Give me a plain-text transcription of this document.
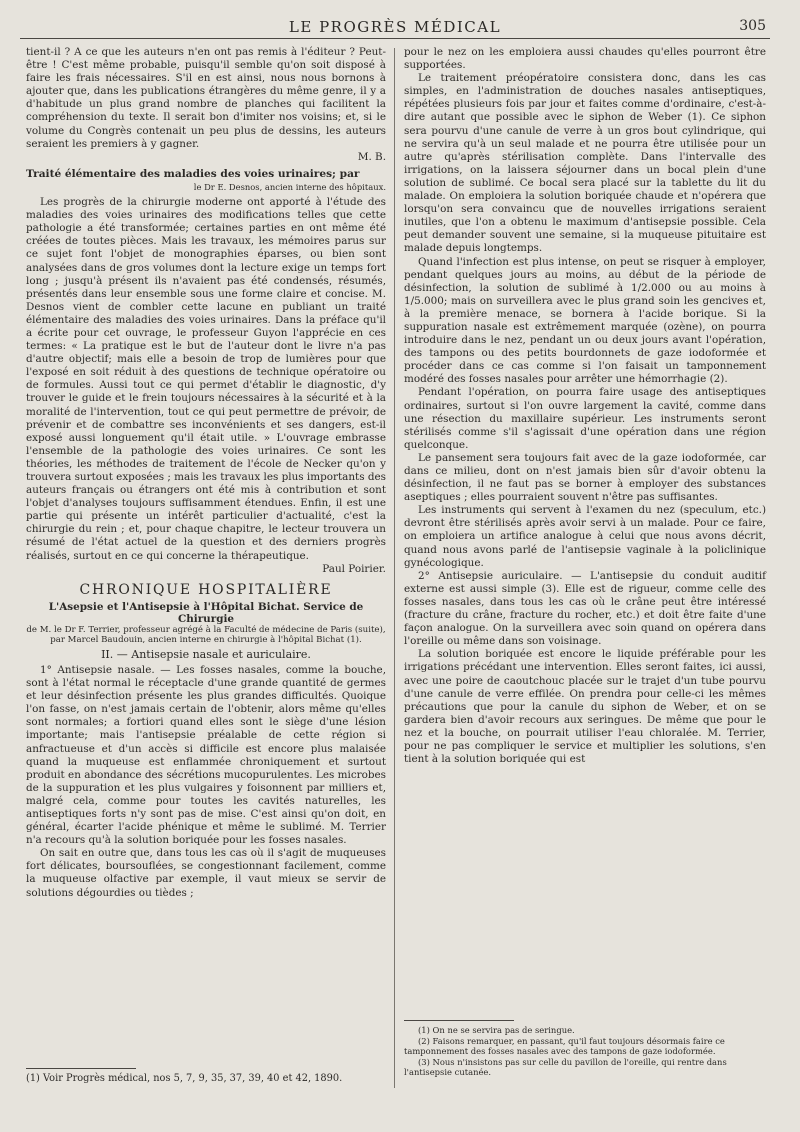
LE PROGRÈS MÉDICAL	305

tient-il ? A ce que les auteurs n'en ont pas remis à l'éditeur ? Peut-être ! C'est même probable, puisqu'il semble qu'on soit disposé à faire les frais nécessaires. S'il en est ainsi, nous nous bornons à ajouter que, dans les publications étrangères du même genre, il y a d'habitude un plus grand nombre de planches qui facilitent la compréhension du texte. Il serait bon d'imiter nos voisins; et, si le volume du Congrès contenait un peu plus de dessins, les auteurs seraient les premiers à y gagner.

M. B.

Traité élémentaire des maladies des voies urinaires; par

le Dr E. Desnos, ancien interne des hôpitaux.

Les progrès de la chirurgie moderne ont apporté à l'étude des maladies des voies urinaires des modifications telles que cette pathologie a été transformée; certaines parties en ont même été créées de toutes pièces. Mais les travaux, les mémoires parus sur ce sujet font l'objet de monographies éparses, ou bien sont analysées dans de gros volumes dont la lecture exige un temps fort long ; jusqu'à présent ils n'avaient pas été condensés, résumés, présentés dans leur ensemble sous une forme claire et concise. M. Desnos vient de combler cette lacune en publiant un traité élémentaire des maladies des voies urinaires. Dans la préface qu'il a écrite pour cet ouvrage, le professeur Guyon l'apprécie en ces termes: « La pratique est le but de l'auteur dont le livre n'a pas d'autre objectif; mais elle a besoin de trop de lumières pour que l'exposé en soit réduit à des questions de technique opératoire ou de formules. Aussi tout ce qui permet d'établir le diagnostic, d'y trouver le guide et le frein toujours nécessaires à la sécurité et à la moralité de l'intervention, tout ce qui peut permettre de prévoir, de prévenir et de combattre ses inconvénients et ses dangers, est-il exposé aussi longuement qu'il était utile. » L'ouvrage embrasse l'ensemble de la pathologie des voies urinaires. Ce sont les théories, les méthodes de traitement de l'école de Necker qu'on y trouvera surtout exposées ; mais les travaux les plus importants des auteurs français ou étrangers ont été mis à contribution et sont l'objet d'analyses toujours suffisamment étendues. Enfin, il est une partie qui présente un intérêt particulier d'actualité, c'est la chirurgie du rein ; et, pour chaque chapitre, le lecteur trouvera un résumé de l'état actuel de la question et des derniers progrès réalisés, surtout en ce qui concerne la thérapeutique.

Paul Poirier.

CHRONIQUE HOSPITALIÈRE

L'Asepsie et l'Antisepsie à l'Hôpital Bichat. Service de Chirurgie

de M. le Dr F. Terrier, professeur agrégé à la Faculté de médecine de Paris (suite), par Marcel Baudouin, ancien interne en chirurgie à l'hôpital Bichat (1).

II. — Antisepsie nasale et auriculaire.

1° Antisepsie nasale. — Les fosses nasales, comme la bouche, sont à l'état normal le réceptacle d'une grande quantité de germes et leur désinfection présente les plus grandes difficultés. Quoique l'on fasse, on n'est jamais certain de l'obtenir, alors même qu'elles sont normales; a fortiori quand elles sont le siège d'une lésion importante; mais l'antisepsie préalable de cette région si anfractueuse et d'un accès si difficile est encore plus malaisée quand la muqueuse est enflammée chroniquement et surtout produit en abondance des sécrétions mucopurulentes. Les microbes de la suppuration et les plus vulgaires y foisonnent par milliers et, malgré cela, comme pour toutes les cavités naturelles, les antiseptiques forts n'y sont pas de mise. C'est ainsi qu'on doit, en général, écarter l'acide phénique et même le sublimé. M. Terrier n'a recours qu'à la solution boriquée pour les fosses nasales.

On sait en outre que, dans tous les cas où il s'agit de muqueuses fort délicates, boursouflées, se congestionnant facilement, comme la muqueuse olfactive par exemple, il vaut mieux se servir de solutions dégourdies ou tièdes ;

(1) Voir Progrès médical, nos 5, 7, 9, 35, 37, 39, 40 et 42, 1890.

pour le nez on les emploiera aussi chaudes qu'elles pourront être supportées.

Le traitement préopératoire consistera donc, dans les cas simples, en l'administration de douches nasales antiseptiques, répétées plusieurs fois par jour et faites comme d'ordinaire, c'est-à-dire autant que possible avec le siphon de Weber (1). Ce siphon sera pourvu d'une canule de verre à un gros bout cylindrique, qui ne servira qu'à un seul malade et ne pourra être utilisée pour un autre qu'après stérilisation complète. Dans l'intervalle des irrigations, on la laissera séjourner dans un bocal plein d'une solution de sublimé. Ce bocal sera placé sur la tablette du lit du malade. On emploiera la solution boriquée chaude et n'opérera que lorsqu'on sera convaincu que de nouvelles irrigations seraient inutiles, que l'on a obtenu le maximum d'antisepsie possible. Cela peut demander souvent une semaine, si la muqueuse pituitaire est malade depuis longtemps.

Quand l'infection est plus intense, on peut se risquer à employer, pendant quelques jours au moins, au début de la période de désinfection, la solution de sublimé à 1/2.000 ou au moins à 1/5.000; mais on surveillera avec le plus grand soin les gencives et, à la première menace, se bornera à l'acide borique. Si la suppuration nasale est extrêmement marquée (ozène), on pourra introduire dans le nez, pendant un ou deux jours avant l'opération, des tampons ou des petits bourdonnets de gaze iodoformée et procéder dans ce cas comme si l'on faisait un tamponnement modéré des fosses nasales pour arrêter une hémorrhagie (2).

Pendant l'opération, on pourra faire usage des antiseptiques ordinaires, surtout si l'on ouvre largement la cavité, comme dans une résection du maxillaire supérieur. Les instruments seront stérilisés comme s'il s'agissait d'une opération dans une région quelconque.

Le pansement sera toujours fait avec de la gaze iodoformée, car dans ce milieu, dont on n'est jamais bien sûr d'avoir obtenu la désinfection, il ne faut pas se borner à employer des substances aseptiques ; elles pourraient souvent n'être pas suffisantes.

Les instruments qui servent à l'examen du nez (speculum, etc.) devront être stérilisés après avoir servi à un malade. Pour ce faire, on emploiera un artifice analogue à celui que nous avons décrit, quand nous avons parlé de l'antisepsie vaginale à la policlinique gynécologique.

2° Antisepsie auriculaire. — L'antisepsie du conduit auditif externe est aussi simple (3). Elle est de rigueur, comme celle des fosses nasales, dans tous les cas où le crâne peut être intéressé (fracture du crâne, fracture du rocher, etc.) et doit être faite d'une façon analogue. On la surveillera avec soin quand on opérera dans l'oreille ou même dans son voisinage.

La solution boriquée est encore le liquide préférable pour les irrigations précédant une intervention. Elles seront faites, ici aussi, avec une poire de caoutchouc placée sur le trajet d'un tube pourvu d'une canule de verre effilée. On prendra pour celle-ci les mêmes précautions que pour la canule du siphon de Weber, et on se gardera bien d'avoir recours aux seringues. De même que pour le nez et la bouche, on pourrait utiliser l'eau chloralée. M. Terrier, pour ne pas compliquer le service et multiplier les solutions, s'en tient à la solution boriquée qui est

(1) On ne se servira pas de seringue.

(2) Faisons remarquer, en passant, qu'il faut toujours désormais faire ce tamponnement des fosses nasales avec des tampons de gaze iodoformée.

(3) Nous n'insistons pas sur celle du pavillon de l'oreille, qui rentre dans l'antisepsie cutanée.
